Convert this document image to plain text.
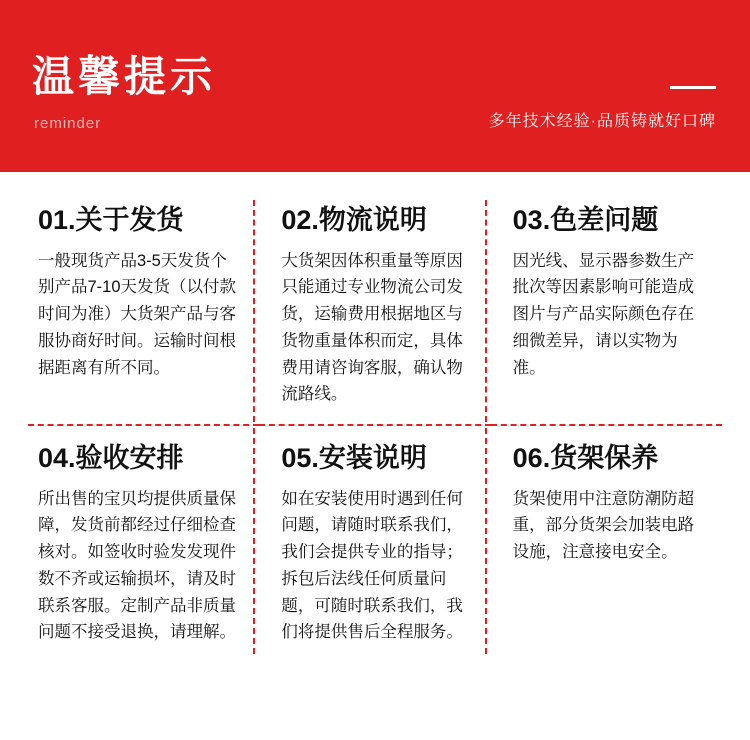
温馨提示
reminder	多年技术经验·品质铸就好口碑
01.关于发货
一般现货产品3-5天发货个别产品7-10天发货（以付款时间为准）大货架产品与客服协商好时间。运输时间根据距离有所不同。
02.物流说明
大货架因体积重量等原因只能通过专业物流公司发货，运输费用根据地区与货物重量体积而定，具体费用请咨询客服，确认物流路线。
03.色差问题
因光线、显示器参数生产批次等因素影响可能造成图片与产品实际颜色存在细微差异，请以实物为准。
04.验收安排
所出售的宝贝均提供质量保障，发货前都经过仔细检查核对。如签收时验发发现件数不齐或运输损坏，请及时联系客服。定制产品非质量问题不接受退换，请理解。
05.安装说明
如在安装使用时遇到任何问题，请随时联系我们，我们会提供专业的指导；拆包后法线任何质量问题，可随时联系我们，我们将提供售后全程服务。
06.货架保养
货架使用中注意防潮防超重，部分货架会加装电路设施，注意接电安全。
